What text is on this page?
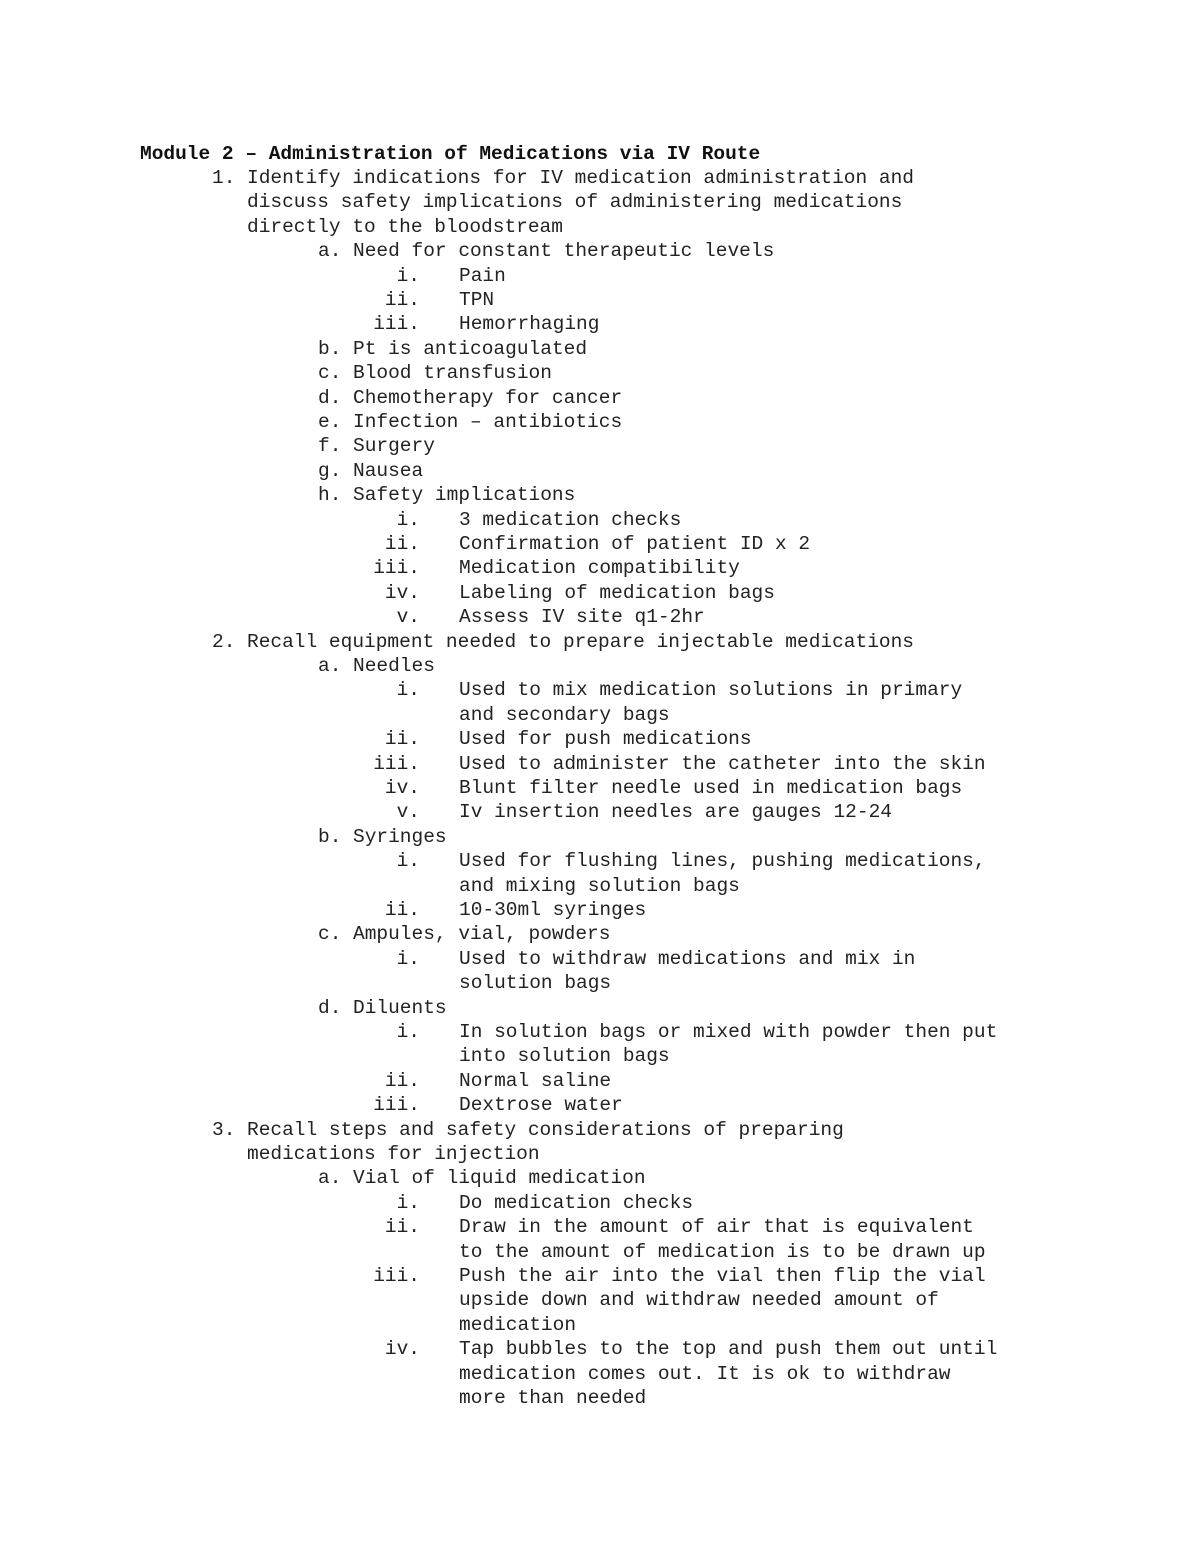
Module 2 – Administration of Medications via IV Route
1. Identify indications for IV medication administration and
discuss safety implications of administering medications
directly to the bloodstream
a. Need for constant therapeutic levels
i. Pain
ii. TPN
iii. Hemorrhaging
b. Pt is anticoagulated
c. Blood transfusion
d. Chemotherapy for cancer
e. Infection – antibiotics
f. Surgery
g. Nausea
h. Safety implications
i. 3 medication checks
ii. Confirmation of patient ID x 2
iii. Medication compatibility
iv. Labeling of medication bags
v. Assess IV site q1-2hr
2. Recall equipment needed to prepare injectable medications
a. Needles
i. Used to mix medication solutions in primary
and secondary bags
ii. Used for push medications
iii. Used to administer the catheter into the skin
iv. Blunt filter needle used in medication bags
v. Iv insertion needles are gauges 12-24
b. Syringes
i. Used for flushing lines, pushing medications,
and mixing solution bags
ii. 10-30ml syringes
c. Ampules, vial, powders
i. Used to withdraw medications and mix in
solution bags
d. Diluents
i. In solution bags or mixed with powder then put
into solution bags
ii. Normal saline
iii. Dextrose water
3. Recall steps and safety considerations of preparing
medications for injection
a. Vial of liquid medication
i. Do medication checks
ii. Draw in the amount of air that is equivalent
to the amount of medication is to be drawn up
iii. Push the air into the vial then flip the vial
upside down and withdraw needed amount of
medication
iv. Tap bubbles to the top and push them out until
medication comes out. It is ok to withdraw
more than needed
